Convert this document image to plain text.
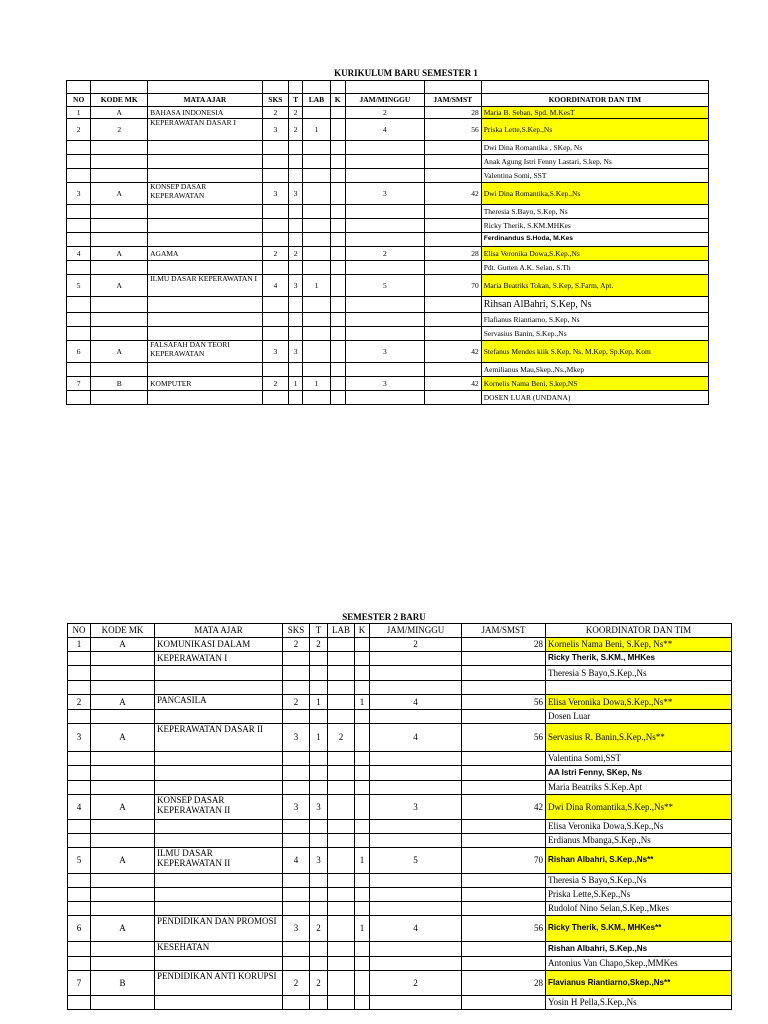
KURIKULUM BARU SEMESTER 1

NO	KODE MK	MATA AJAR	SKS	T	LAB	K	JAM/MINGGU	JAM/SMST	KOORDINATOR DAN TIM
1	A	BAHASA INDONESIA	2	2			2	28	Maria B. Seban, Spd. M.KesT
2	2	KEPERAWATAN DASAR I	3	2	1		4	56	Priska Lette,S.Kep.,Ns
									Dwi Dina Romantika , SKep, Ns
									Anak Agung Istri Fenny Lastari, S.kep, Ns
									Valentina Somi, SST
3	A	KONSEP DASAR KEPERAWATAN	3	3			3	42	Dwi Dina Romantika,S.Kep.,Ns
									Theresia S.Bayo, S.Kep, Ns
									Ricky Therik, S.KM.MHKes
									Ferdinandus S.Hoda, M.Kes
4	A	AGAMA	2	2			2	28	Elisa Veronika Dowa,S.Kep.,Ns
									Pdt. Gutten A.K. Selan, S.Th
5	A	ILMU DASAR KEPERAWATAN I	4	3	1		5	70	Maria Beatriks Tokan, S.Kep, S.Farm, Apt.
									Rihsan AlBahri, S.Kep, Ns
									Flafianus Riantiarno, S.Kep, Ns
									Servasius Banin, S.Kep.,Ns
6	A	FALSAFAH DAN TEORI KEPERAWATAN	3	3			3	42	Stefanus Mendes kiik S.Kep, Ns, M.Kep, Sp.Kep, Kom
									Aemilianus Mau,Skep.,Ns.,Mkep
7	B	KOMPUTER	2	1	1		3	42	Kornelis Nama Beni, S.kep,NS
									DOSEN LUAR (UNDANA)
SEMESTER 2 BARU
NO	KODE MK	MATA AJAR	SKS	T	LAB	K	JAM/MINGGU	JAM/SMST	KOORDINATOR DAN TIM
1	A	KOMUNIKASI DALAM	2	2			2	28	Kornelis Nama Beni, S.Kep, Ns**
		KEPERAWATAN I							Ricky Therik, S.KM., MHKes
									Theresia S Bayo,S.Kep.,Ns

2	A	PANCASILA	2	1		1	4	56	Elisa Veronika Dowa,S.Kep.,Ns**
									Dosen Luar
3	A	KEPERAWATAN DASAR II	3	1	2		4	56	Servasius R. Banin,S.Kep.,Ns**
									Valentina Somi,SST
									AA Istri Fenny, SKep, Ns
									Maria Beatriks S.Kep.Apt
4	A	KONSEP DASAR KEPERAWATAN II	3	3			3	42	Dwi Dina Romantika,S.Kep.,Ns**
									Elisa Veronika Dowa,S.Kep.,Ns
									Erdianus Mbanga,S.Kep.,Ns
5	A	ILMU DASAR KEPERAWATAN II	4	3		1	5	70	Rishan Albahri, S.Kep.,Ns**
									Theresia S Bayo,S.Kep.,Ns
									Priska Lette,S.Kep.,Ns
									Rudolof Nino Selan,S.Kep.,Mkes
6	A	PENDIDIKAN DAN PROMOSI	3	2		1	4	56	Ricky Therik, S.KM., MHKes**
		KESEHATAN							Rishan Albahri, S.Kep.,Ns
									Antonius Van Chapo,Skep.,MMKes
7	B	PENDIDIKAN ANTI KORUPSI	2	2			2	28	Flavianus Riantiarno,Skep.,Ns**
									Yosin H Pella,S.Kep.,Ns
